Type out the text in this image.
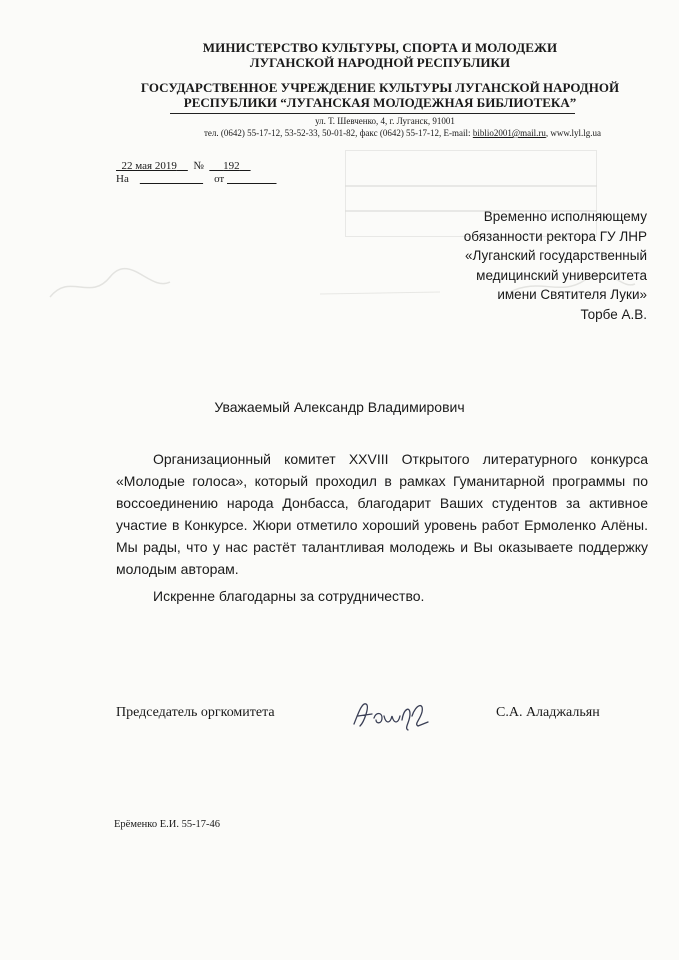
МИНИСТЕРСТВО КУЛЬТУРЫ, СПОРТА И МОЛОДЕЖИ
ЛУГАНСКОЙ НАРОДНОЙ РЕСПУБЛИКИ
ГОСУДАРСТВЕННОЕ УЧРЕЖДЕНИЕ КУЛЬТУРЫ ЛУГАНСКОЙ НАРОДНОЙ
РЕСПУБЛИКИ “ЛУГАНСКАЯ МОЛОДЕЖНАЯ БИБЛИОТЕКА”
ул. Т. Шевченко, 4, г. Луганск, 91001
тел. (0642) 55-17-12, 53-52-33, 50-01-82, факс (0642) 55-17-12, E-mail: biblio2001@mail.ru, www.lyl.lg.ua
22 мая 2019 № 192
На	от
Временно исполняющему
обязанности ректора ГУ ЛНР
«Луганский государственный
медицинский университета
имени Святителя Луки»
Торбе А.В.
Уважаемый Александр Владимирович

Организационный комитет XXVIII Открытого литературного конкурса «Молодые голоса», который проходил в рамках Гуманитарной программы по воссоединению народа Донбасса, благодарит Ваших студентов за активное участие в Конкурсе. Жюри отметило хороший уровень работ Ермоленко Алёны. Мы рады, что у нас растёт талантливая молодежь и Вы оказываете поддержку молодым авторам.

Искренне благодарны за сотрудничество.
Председатель оргкомитета	С.А. Аладжальян
Ерёменко Е.И. 55-17-46
